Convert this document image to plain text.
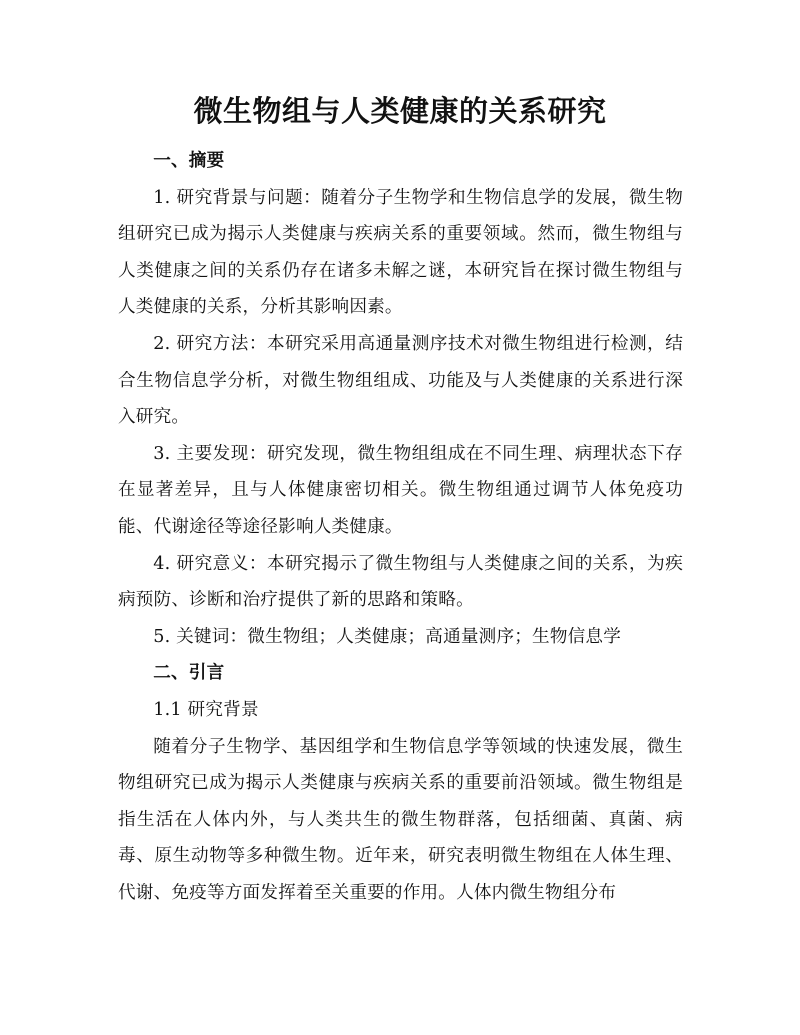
微生物组与人类健康的关系研究

一、摘要

1. 研究背景与问题：随着分子生物学和生物信息学的发展，微生物组研究已成为揭示人类健康与疾病关系的重要领域。然而，微生物组与人类健康之间的关系仍存在诸多未解之谜，本研究旨在探讨微生物组与人类健康的关系，分析其影响因素。

2. 研究方法：本研究采用高通量测序技术对微生物组进行检测，结合生物信息学分析，对微生物组组成、功能及与人类健康的关系进行深入研究。

3. 主要发现：研究发现，微生物组组成在不同生理、病理状态下存在显著差异，且与人体健康密切相关。微生物组通过调节人体免疫功能、代谢途径等途径影响人类健康。

4. 研究意义：本研究揭示了微生物组与人类健康之间的关系，为疾病预防、诊断和治疗提供了新的思路和策略。

5. 关键词：微生物组；人类健康；高通量测序；生物信息学

二、引言

1.1 研究背景

随着分子生物学、基因组学和生物信息学等领域的快速发展，微生物组研究已成为揭示人类健康与疾病关系的重要前沿领域。微生物组是指生活在人体内外，与人类共生的微生物群落，包括细菌、真菌、病毒、原生动物等多种微生物。近年来，研究表明微生物组在人体生理、代谢、免疫等方面发挥着至关重要的作用。人体内微生物组分布
